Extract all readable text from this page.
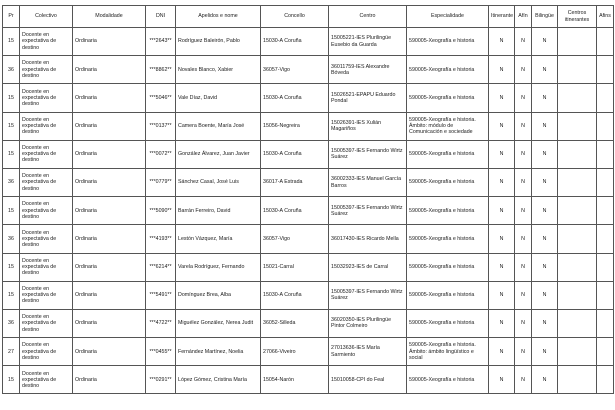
Pr	Colectivo	Modalidade	DNI	Apelidos e nome	Concello	Centro	Especialidade	Itinerante	Afín	Bilingüe	Centros itinerantes	Afins
15	Docente en expectativa de destino	Ordinaria	***2643**	Rodríguez Baleirón, Pablo	15030-A Coruña	15005221-IES Plurilingüe Eusebio da Guarda	590005-Xeografía e historia	N	N	N		
36	Docente en expectativa de destino	Ordinaria	***8862**	Novales Blanco, Xabier	36057-Vigo	36011759-IES Alexandre Bóveda	590005-Xeografía e historia	N	N	N		
15	Docente en expectativa de destino	Ordinaria	***5046**	Vale Díaz, David	15030-A Coruña	15026521-EPAPU Eduardo Pondal	590005-Xeografía e historia	N	N	N		
15	Docente en expectativa de destino	Ordinaria	***0137**	Camera Boente, María José	15056-Negreira	15026391-IES Xulián Magariños	590005-Xeografía e historia. Ámbito: módulo de Comunicación e sociedade	N	N	N		
15	Docente en expectativa de destino	Ordinaria	***0072**	González Álvarez, Juan Javier	15030-A Coruña	15005397-IES Fernando Wirtz Suárez	590005-Xeografía e historia	N	N	N		
36	Docente en expectativa de destino	Ordinaria	***0779**	Sánchez Casal, José Luis	36017-A Estrada	36002333-IES Manuel García Barros	590005-Xeografía e historia	N	N	N		
15	Docente en expectativa de destino	Ordinaria	***5090**	Barrán Ferreiro, David	15030-A Coruña	15005397-IES Fernando Wirtz Suárez	590005-Xeografía e historia	N	N	N		
36	Docente en expectativa de destino	Ordinaria	***4193**	Lestón Vázquez, María	36057-Vigo	36017430-IES Ricardo Mella	590005-Xeografía e historia	N	N	N		
15	Docente en expectativa de destino	Ordinaria	***6214**	Varela Rodríguez, Fernando	15021-Carral	15032923-IES de Carral	590005-Xeografía e historia	N	N	N		
15	Docente en expectativa de destino	Ordinaria	***5491**	Domínguez Brea, Alba	15030-A Coruña	15005397-IES Fernando Wirtz Suárez	590005-Xeografía e historia	N	N	N		
36	Docente en expectativa de destino	Ordinaria	***4722**	Miguélez González, Nerea Judit	36052-Silleda	36020350-IES Plurilingüe Pintor Colmeiro	590005-Xeografía e historia	N	N	N		
27	Docente en expectativa de destino	Ordinaria	***0455**	Fernández Martínez, Noelia	27066-Viveiro	27013636-IES María Sarmiento	590005-Xeografía e historia. Ámbito: ámbito lingüístico e social	N	N	N		
15	Docente en expectativa de destino	Ordinaria	***0291**	López Gómez, Cristina María	15054-Narón	15010058-CPI do Feal	590005-Xeografía e historia	N	N	N		
